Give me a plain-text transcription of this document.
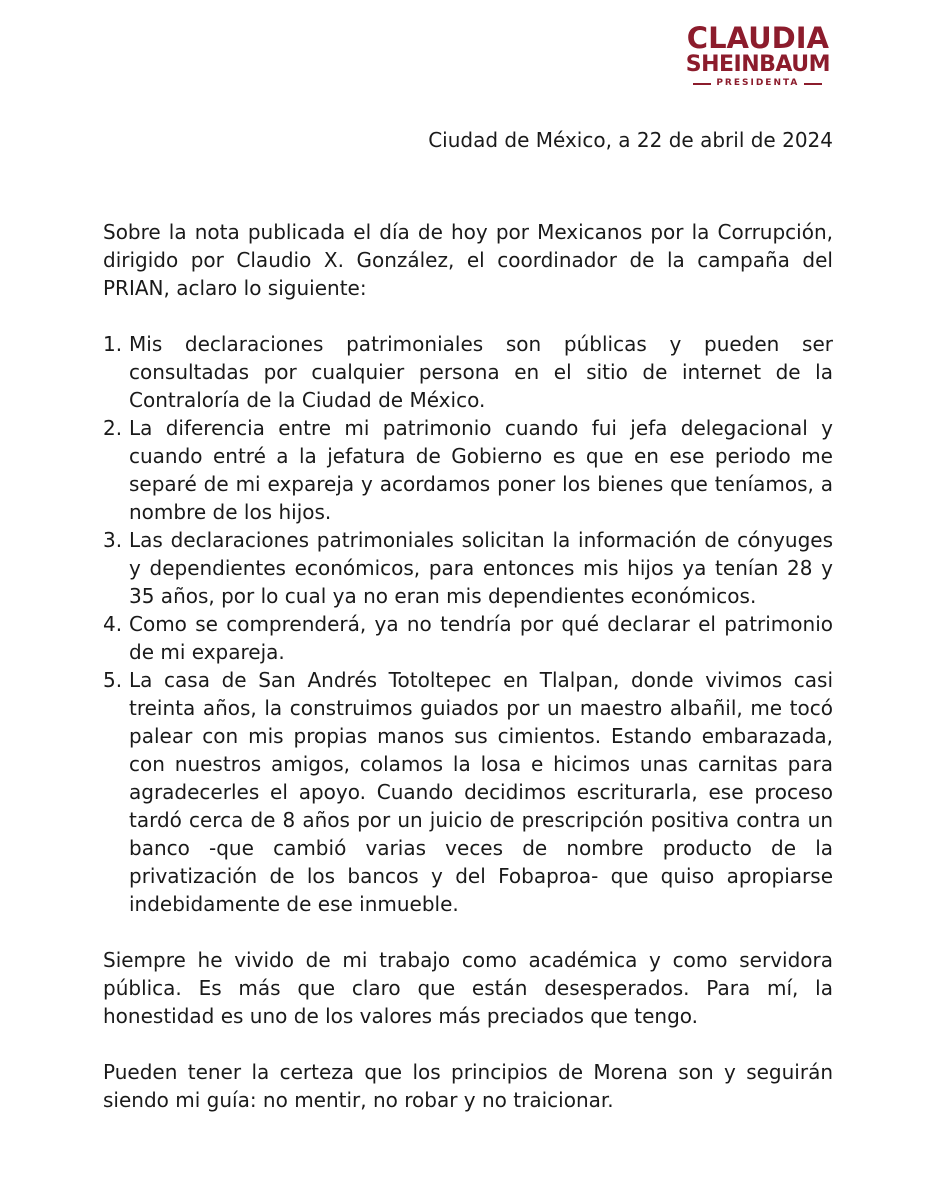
CLAUDIA
SHEINBAUM
PRESIDENTA
Ciudad de México, a 22 de abril de 2024

Sobre la nota publicada el día de hoy por Mexicanos por la Corrupción, dirigido por Claudio X. González, el coordinador de la campaña del PRIAN, aclaro lo siguiente:

1. Mis declaraciones patrimoniales son públicas y pueden ser consultadas por cualquier persona en el sitio de internet de la Contraloría de la Ciudad de México.
2. La diferencia entre mi patrimonio cuando fui jefa delegacional y cuando entré a la jefatura de Gobierno es que en ese periodo me separé de mi expareja y acordamos poner los bienes que teníamos, a nombre de los hijos.
3. Las declaraciones patrimoniales solicitan la información de cónyuges y dependientes económicos, para entonces mis hijos ya tenían 28 y 35 años, por lo cual ya no eran mis dependientes económicos.
4. Como se comprenderá, ya no tendría por qué declarar el patrimonio de mi expareja.
5. La casa de San Andrés Totoltepec en Tlalpan, donde vivimos casi treinta años, la construimos guiados por un maestro albañil, me tocó palear con mis propias manos sus cimientos. Estando embarazada, con nuestros amigos, colamos la losa e hicimos unas carnitas para agradecerles el apoyo. Cuando decidimos escriturarla, ese proceso tardó cerca de 8 años por un juicio de prescripción positiva contra un banco -que cambió varias veces de nombre producto de la privatización de los bancos y del Fobaproa- que quiso apropiarse indebidamente de ese inmueble.

Siempre he vivido de mi trabajo como académica y como servidora pública. Es más que claro que están desesperados. Para mí, la honestidad es uno de los valores más preciados que tengo.

Pueden tener la certeza que los principios de Morena son y seguirán siendo mi guía: no mentir, no robar y no traicionar.
